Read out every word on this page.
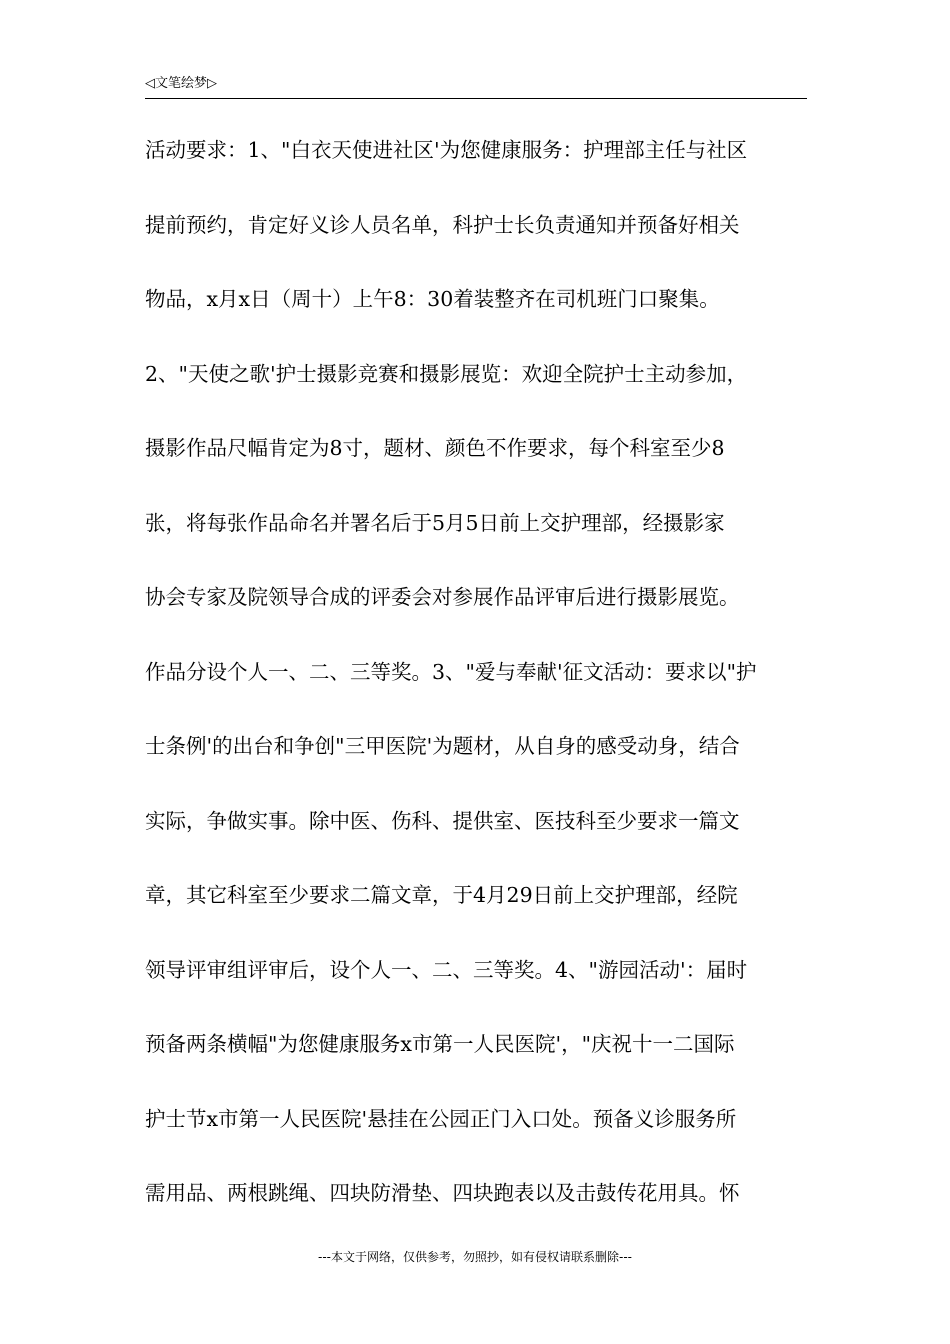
◁文笔绘梦▷
活动要求：1、"白衣天使进社区'为您健康服务：护理部主任与社区
提前预约，肯定好义诊人员名单，科护士长负责通知并预备好相关
物品，x月x日（周十）上午8：30着装整齐在司机班门口聚集。
2、"天使之歌'护士摄影竞赛和摄影展览：欢迎全院护士主动参加，
摄影作品尺幅肯定为8寸，题材、颜色不作要求，每个科室至少8
张，将每张作品命名并署名后于5月5日前上交护理部，经摄影家
协会专家及院领导合成的评委会对参展作品评审后进行摄影展览。
作品分设个人一、二、三等奖。3、"爱与奉献'征文活动：要求以"护
士条例'的出台和争创"三甲医院'为题材，从自身的感受动身，结合
实际，争做实事。除中医、伤科、提供室、医技科至少要求一篇文
章，其它科室至少要求二篇文章，于4月29日前上交护理部，经院
领导评审组评审后，设个人一、二、三等奖。4、"游园活动'：届时
预备两条横幅"为您健康服务x市第一人民医院'，"庆祝十一二国际
护士节x市第一人民医院'悬挂在公园正门入口处。预备义诊服务所
需用品、两根跳绳、四块防滑垫、四块跑表以及击鼓传花用具。怀
---本文于网络，仅供参考，勿照抄，如有侵权请联系删除---
